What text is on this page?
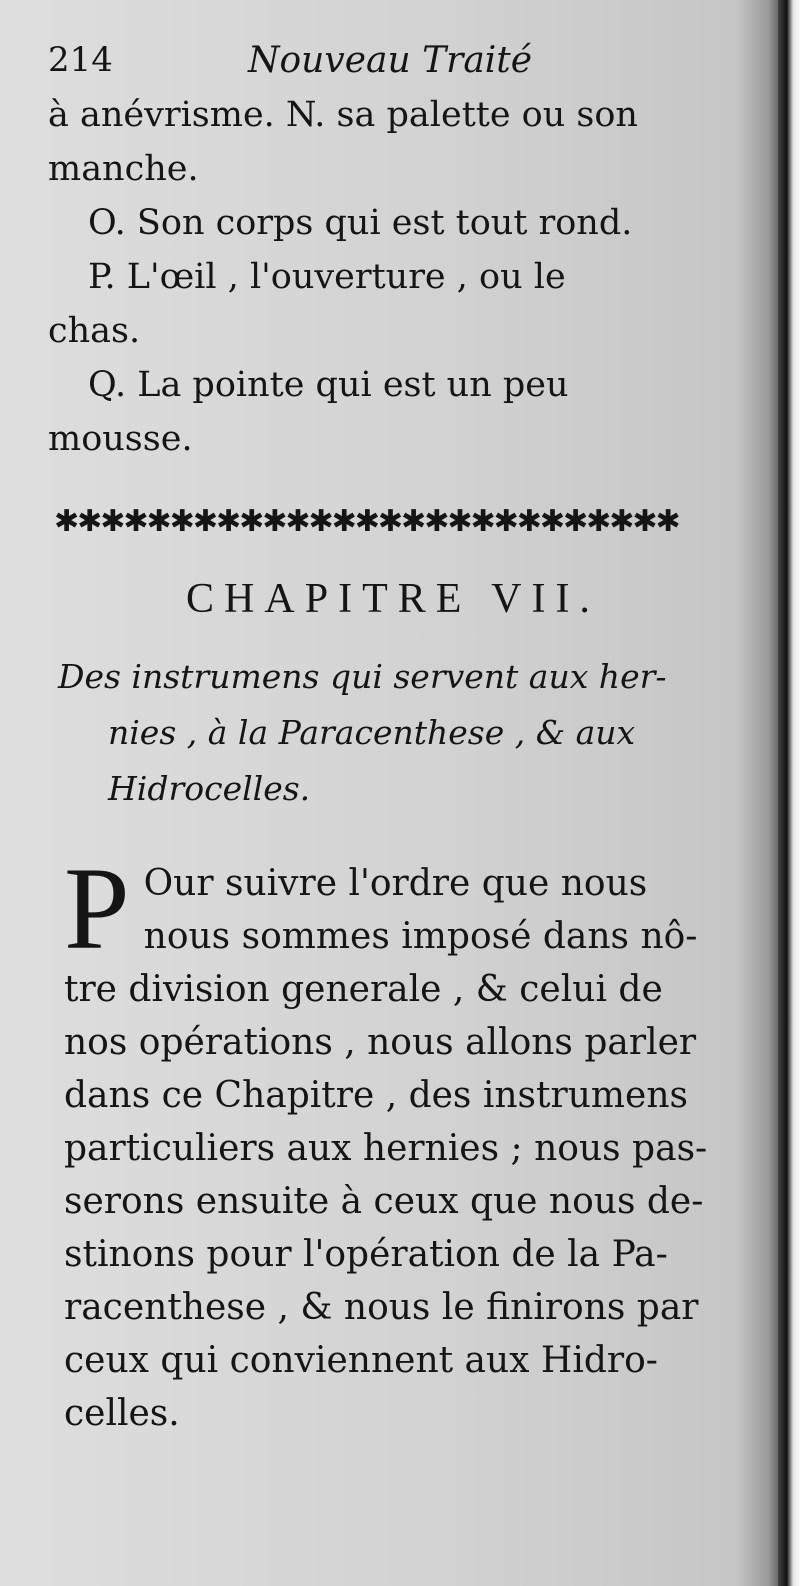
214	Nouveau Traité

à anévrisme. N. sa palette ou son

manche.

O. Son corps qui est tout rond.

P. L'œil , l'ouverture , ou le

chas.

Q. La pointe qui est un peu

mousse.

✱✱✱✱✱✱✱✱✱✱✱✱✱✱✱✱✱✱✱✱✱✱✱✱✱✱✱
CHAPITRE VII.
Des instrumens qui servent aux her-
nies , à la Paracenthese , & aux
Hidrocelles.
P Our suivre l'ordre que nous
nous sommes imposé dans nô-
tre division generale , & celui de
nos opérations , nous allons parler
dans ce Chapitre , des instrumens
particuliers aux hernies ; nous pas-
serons ensuite à ceux que nous de-
stinons pour l'opération de la Pa-
racenthese , & nous le finirons par
ceux qui conviennent aux Hidro-
celles.
